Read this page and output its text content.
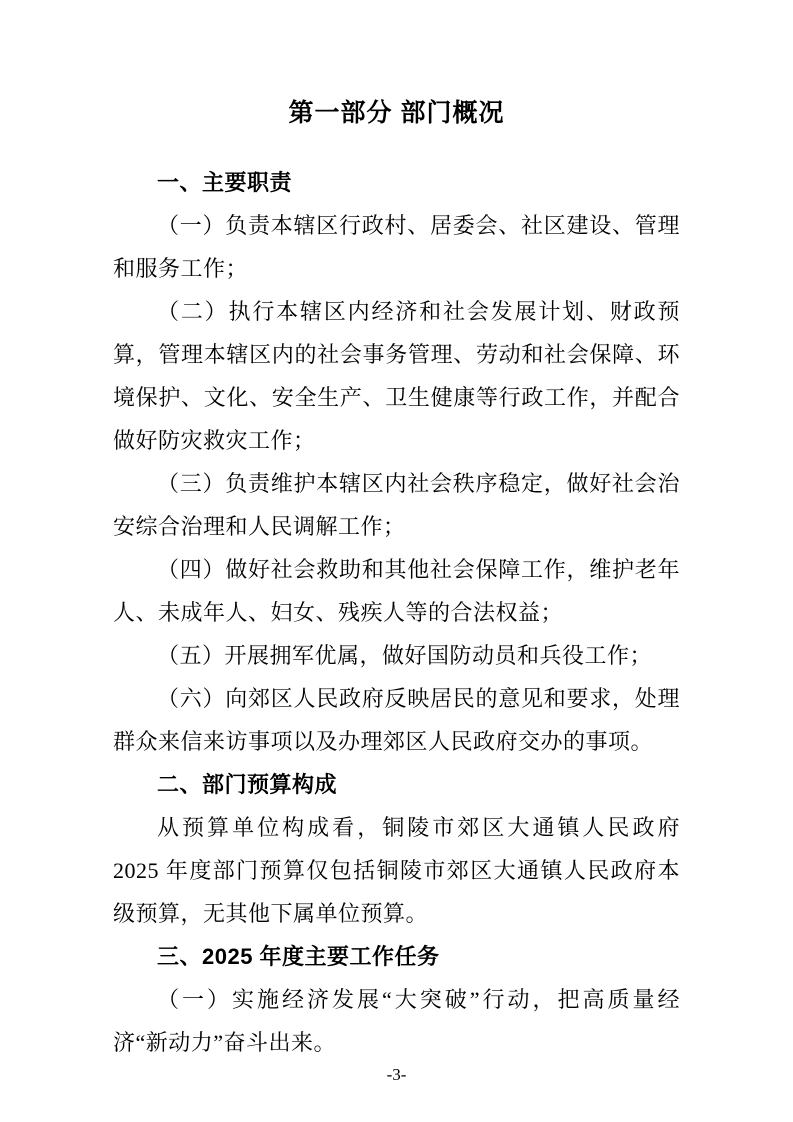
第一部分 部门概况
一、主要职责

（一）负责本辖区行政村、居委会、社区建设、管理和服务工作；

（二）执行本辖区内经济和社会发展计划、财政预算，管理本辖区内的社会事务管理、劳动和社会保障、环境保护、文化、安全生产、卫生健康等行政工作，并配合做好防灾救灾工作；

（三）负责维护本辖区内社会秩序稳定，做好社会治安综合治理和人民调解工作；

（四）做好社会救助和其他社会保障工作，维护老年人、未成年人、妇女、残疾人等的合法权益；

（五）开展拥军优属，做好国防动员和兵役工作；

（六）向郊区人民政府反映居民的意见和要求，处理群众来信来访事项以及办理郊区人民政府交办的事项。

二、部门预算构成

从预算单位构成看，铜陵市郊区大通镇人民政府 2025 年度部门预算仅包括铜陵市郊区大通镇人民政府本级预算，无其他下属单位预算。

三、2025 年度主要工作任务

（一）实施经济发展“大突破”行动，把高质量经济“新动力”奋斗出来。

-3-
